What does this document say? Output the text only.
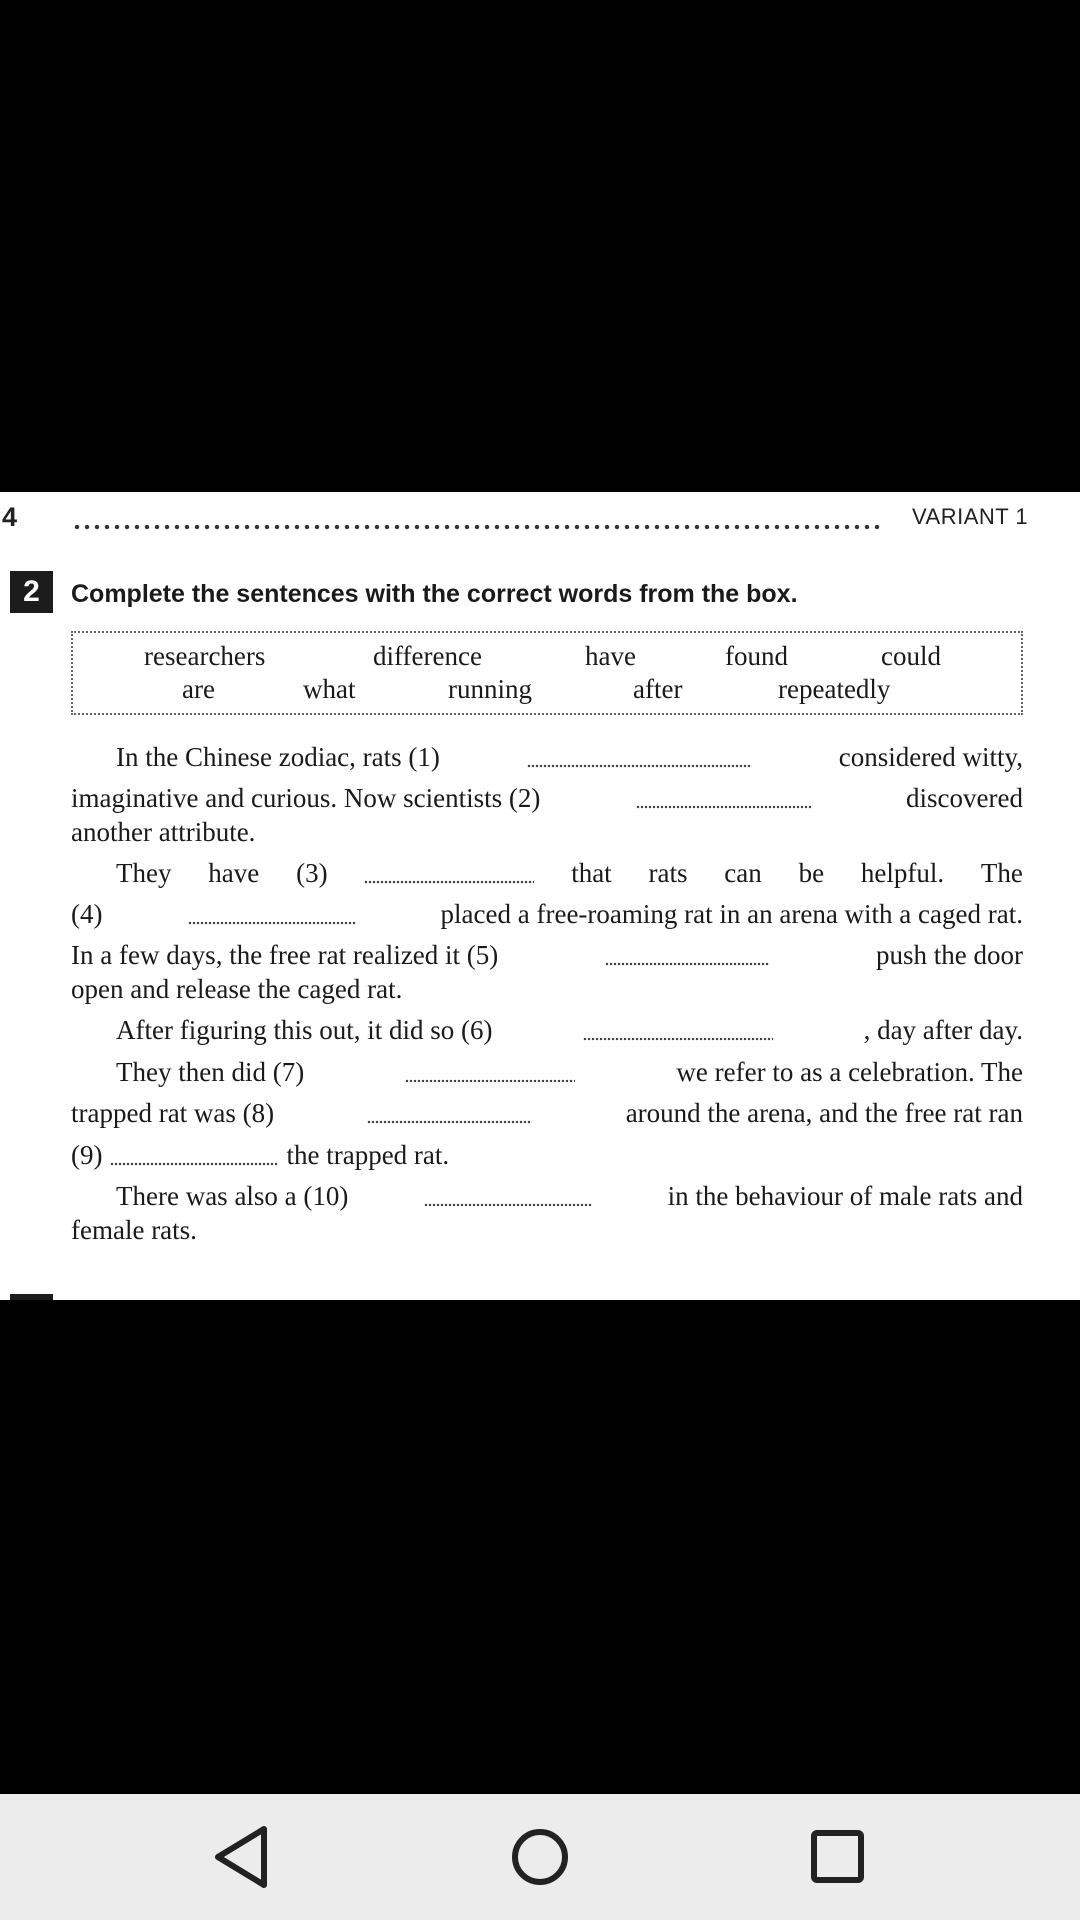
4	VARIANT 1
2	Complete the sentences with the correct words from the box.
researchers	difference	have	found	could
are	what	running	after	repeatedly
In the Chinese zodiac, rats (1)	considered witty,
imaginative and curious. Now scientists (2)	discovered
another attribute.
They have (3)	that rats can be helpful. The
(4)	placed a free-roaming rat in an arena with a caged rat.
In a few days, the free rat realized it (5)	push the door
open and release the caged rat.
After figuring this out, it did so (6)	, day after day.
They then did (7)	we refer to as a celebration. The
trapped rat was (8)	around the arena, and the free rat ran
(9)	the trapped rat.
There was also a (10)	in the behaviour of male rats and
female rats.
